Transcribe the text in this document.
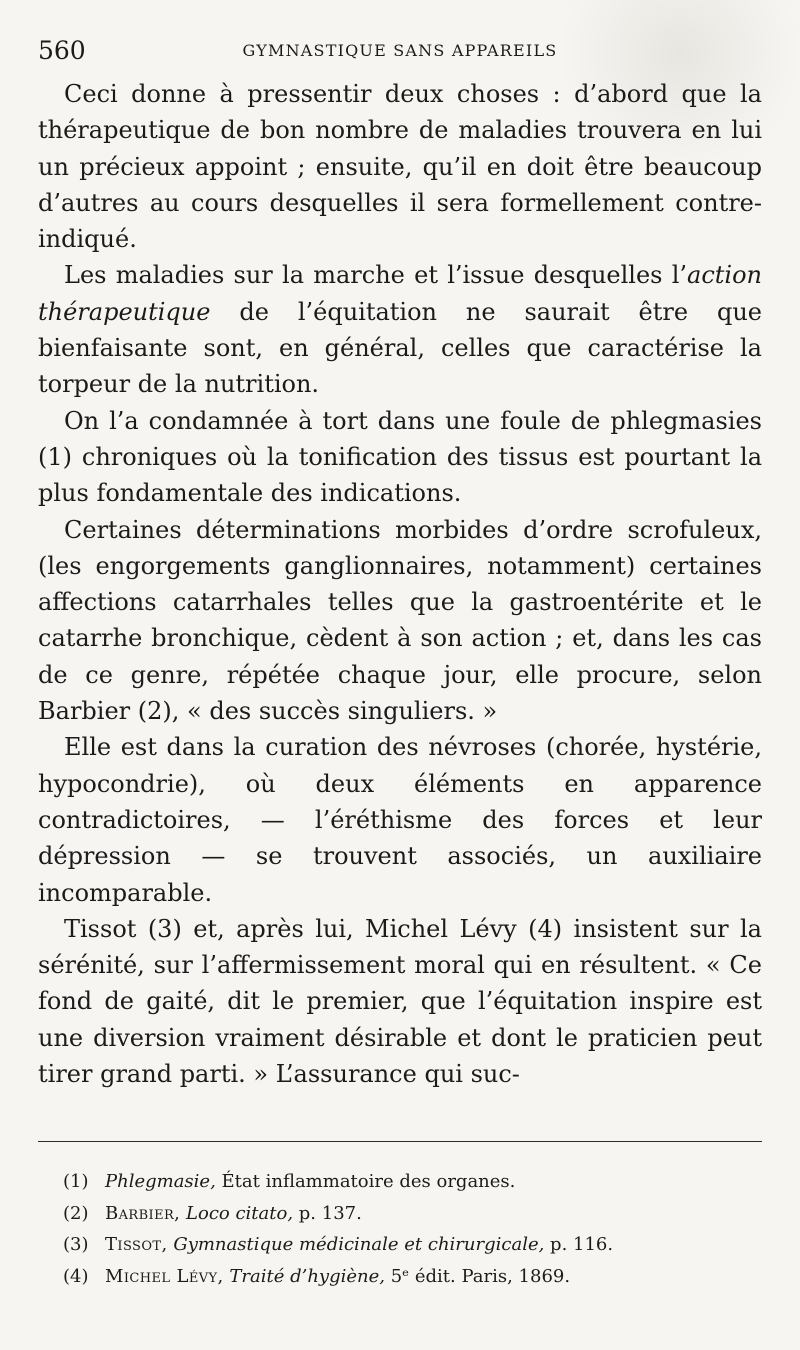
560	GYMNASTIQUE SANS APPAREILS

Ceci donne à pressentir deux choses : d’abord que la thérapeutique de bon nombre de maladies trouvera en lui un précieux appoint ; ensuite, qu’il en doit être beaucoup d’autres au cours desquelles il sera formellement contre-indiqué.

Les maladies sur la marche et l’issue desquelles l’action thérapeutique de l’équitation ne saurait être que bienfaisante sont, en général, celles que caractérise la torpeur de la nutrition.

On l’a condamnée à tort dans une foule de phlegmasies (1) chroniques où la tonification des tissus est pourtant la plus fondamentale des indications.

Certaines déterminations morbides d’ordre scrofuleux, (les engorgements ganglionnaires, notamment) certaines affections catarrhales telles que la gastroentérite et le catarrhe bronchique, cèdent à son action ; et, dans les cas de ce genre, répétée chaque jour, elle procure, selon Barbier (2), « des succès singuliers. »

Elle est dans la curation des névroses (chorée, hystérie, hypocondrie), où deux éléments en apparence contradictoires, — l’éréthisme des forces et leur dépression — se trouvent associés, un auxiliaire incomparable.

Tissot (3) et, après lui, Michel Lévy (4) insistent sur la sérénité, sur l’affermissement moral qui en résultent. « Ce fond de gaité, dit le premier, que l’équitation inspire est une diversion vraiment désirable et dont le praticien peut tirer grand parti. » L’assurance qui suc-

(1) Phlegmasie, État inflammatoire des organes.
(2) Barbier, Loco citato, p. 137.
(3) Tissot, Gymnastique médicinale et chirurgicale, p. 116.
(4) Michel Lévy, Traité d’hygiène, 5ᵉ édit. Paris, 1869.
